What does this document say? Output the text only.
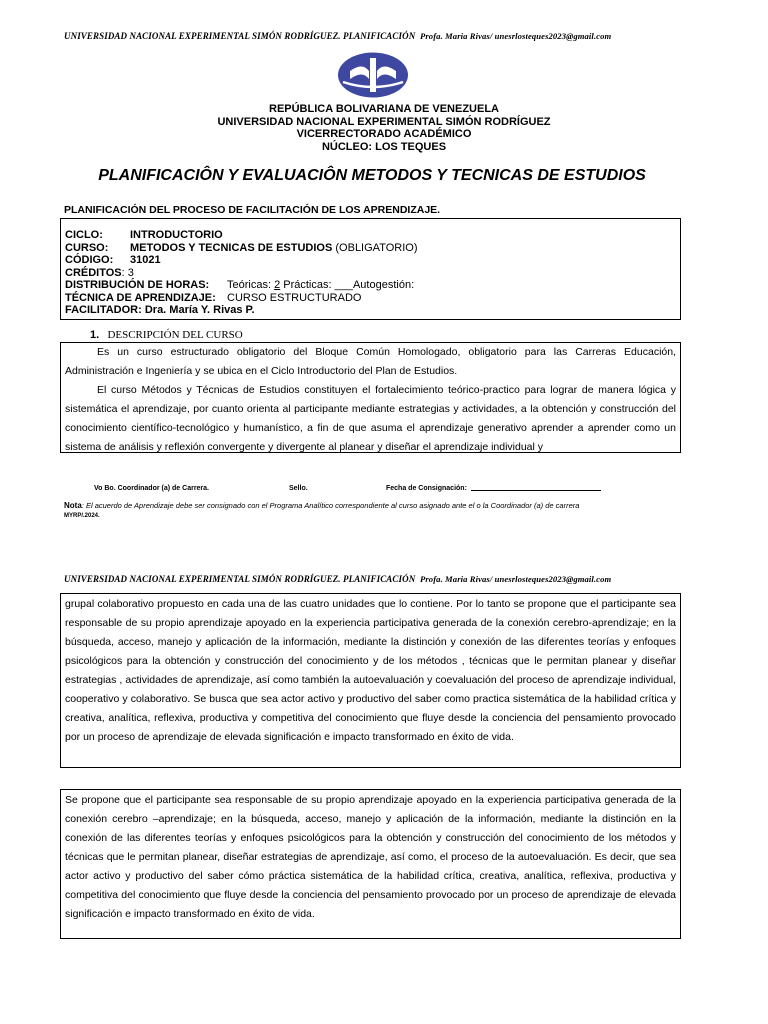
UNIVERSIDAD NACIONAL EXPERIMENTAL SIMÓN RODRÍGUEZ. PLANIFICACIÓN Profa. Maria Rivas/ unesrlosteques2023@gmail.com
REPÚBLICA BOLIVARIANA DE VENEZUELA
UNIVERSIDAD NACIONAL EXPERIMENTAL SIMÓN RODRÍGUEZ
VICERRECTORADO ACADÉMICO
NÚCLEO: LOS TEQUES
PLANIFICACIÔN Y EVALUACIÔN METODOS Y TECNICAS DE ESTUDIOS
PLANIFICACIÓN DEL PROCESO DE FACILITACIÓN DE LOS APRENDIZAJE.
CICLO: INTRODUCTORIO
CURSO: METODOS Y TECNICAS DE ESTUDIOS (OBLIGATORIO)
CÓDIGO: 31021
CRÉDITOS: 3
DISTRIBUCIÓN DE HORAS: Teóricas: 2 Prácticas: ___Autogestión:
TÉCNICA DE APRENDIZAJE: CURSO ESTRUCTURADO
FACILITADOR: Dra. María Y. Rivas P.
1. DESCRIPCIÓN DEL CURSO

Es un curso estructurado obligatorio del Bloque Común Homologado, obligatorio para las Carreras Educación, Administración e Ingeniería y se ubica en el Ciclo Introductorio del Plan de Estudios.

El curso Métodos y Técnicas de Estudios constituyen el fortalecimiento teórico-practico para lograr de manera lógica y sistemática el aprendizaje, por cuanto orienta al participante mediante estrategias y actividades, a la obtención y construcción del conocimiento científico-tecnológico y humanístico, a fin de que asuma el aprendizaje generativo aprender a aprender como un sistema de análisis y reflexión convergente y divergente al planear y diseñar el aprendizaje individual y

Vo Bo. Coordinador (a) de Carrera.	Sello.	Fecha de Consignación:
Nota: El acuerdo de Aprendizaje debe ser consignado con el Programa Analítico correspondiente al curso asignado ante el o la Coordinador (a) de carrera
MYRP/.2024.
UNIVERSIDAD NACIONAL EXPERIMENTAL SIMÓN RODRÍGUEZ. PLANIFICACIÓN Profa. Maria Rivas/ unesrlosteques2023@gmail.com

grupal colaborativo propuesto en cada una de las cuatro unidades que lo contiene. Por lo tanto se propone que el participante sea responsable de su propio aprendizaje apoyado en la experiencia participativa generada de la conexión cerebro-aprendizaje; en la búsqueda, acceso, manejo y aplicación de la información, mediante la distinción y conexión de las diferentes teorías y enfoques psicológicos para la obtención y construcción del conocimiento y de los métodos , técnicas que le permitan planear y diseñar estrategias , actividades de aprendizaje, así como también la autoevaluación y coevaluación del proceso de aprendizaje individual, cooperativo y colaborativo. Se busca que sea actor activo y productivo del saber como practica sistemática de la habilidad crítica y creativa, analítica, reflexiva, productiva y competitiva del conocimiento que fluye desde la conciencia del pensamiento provocado por un proceso de aprendizaje de elevada significación e impacto transformado en éxito de vida.

Se propone que el participante sea responsable de su propio aprendizaje apoyado en la experiencia participativa generada de la conexión cerebro –aprendizaje; en la búsqueda, acceso, manejo y aplicación de la información, mediante la distinción en la conexión de las diferentes teorías y enfoques psicológicos para la obtención y construcción del conocimiento de los métodos y técnicas que le permitan planear, diseñar estrategias de aprendizaje, así como, el proceso de la autoevaluación. Es decir, que sea actor activo y productivo del saber cómo práctica sistemática de la habilidad crítica, creativa, analítica, reflexiva, productiva y competitiva del conocimiento que fluye desde la conciencia del pensamiento provocado por un proceso de aprendizaje de elevada significación e impacto transformado en éxito de vida.
